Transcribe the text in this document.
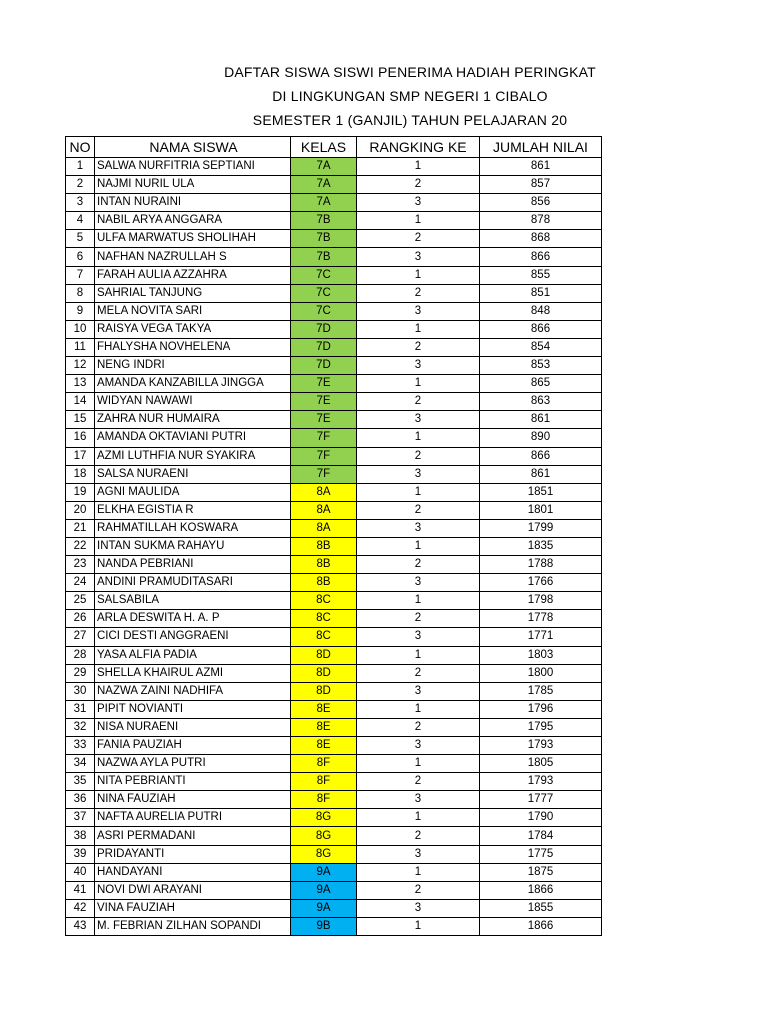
DAFTAR SISWA SISWI PENERIMA HADIAH PERINGKAT
DI LINGKUNGAN SMP NEGERI 1 CIBALO
SEMESTER 1 (GANJIL) TAHUN PELAJARAN 20
NO	NAMA SISWA	KELAS	RANGKING KE	JUMLAH NILAI
1	SALWA NURFITRIA SEPTIANI	7A	1	861
2	NAJMI NURIL ULA	7A	2	857
3	INTAN NURAINI	7A	3	856
4	NABIL ARYA ANGGARA	7B	1	878
5	ULFA MARWATUS SHOLIHAH	7B	2	868
6	NAFHAN NAZRULLAH S	7B	3	866
7	FARAH AULIA AZZAHRA	7C	1	855
8	SAHRIAL TANJUNG	7C	2	851
9	MELA NOVITA SARI	7C	3	848
10	RAISYA VEGA TAKYA	7D	1	866
11	FHALYSHA NOVHELENA	7D	2	854
12	NENG INDRI	7D	3	853
13	AMANDA KANZABILLA JINGGA	7E	1	865
14	WIDYAN NAWAWI	7E	2	863
15	ZAHRA NUR HUMAIRA	7E	3	861
16	AMANDA OKTAVIANI PUTRI	7F	1	890
17	AZMI LUTHFIA NUR SYAKIRA	7F	2	866
18	SALSA NURAENI	7F	3	861
19	AGNI MAULIDA	8A	1	1851
20	ELKHA EGISTIA R	8A	2	1801
21	RAHMATILLAH KOSWARA	8A	3	1799
22	INTAN SUKMA RAHAYU	8B	1	1835
23	NANDA PEBRIANI	8B	2	1788
24	ANDINI PRAMUDITASARI	8B	3	1766
25	SALSABILA	8C	1	1798
26	ARLA DESWITA H. A. P	8C	2	1778
27	CICI DESTI ANGGRAENI	8C	3	1771
28	YASA ALFIA PADIA	8D	1	1803
29	SHELLA KHAIRUL AZMI	8D	2	1800
30	NAZWA ZAINI NADHIFA	8D	3	1785
31	PIPIT NOVIANTI	8E	1	1796
32	NISA NURAENI	8E	2	1795
33	FANIA PAUZIAH	8E	3	1793
34	NAZWA AYLA PUTRI	8F	1	1805
35	NITA PEBRIANTI	8F	2	1793
36	NINA FAUZIAH	8F	3	1777
37	NAFTA AURELIA PUTRI	8G	1	1790
38	ASRI PERMADANI	8G	2	1784
39	PRIDAYANTI	8G	3	1775
40	HANDAYANI	9A	1	1875
41	NOVI DWI ARAYANI	9A	2	1866
42	VINA FAUZIAH	9A	3	1855
43	M. FEBRIAN ZILHAN SOPANDI	9B	1	1866
